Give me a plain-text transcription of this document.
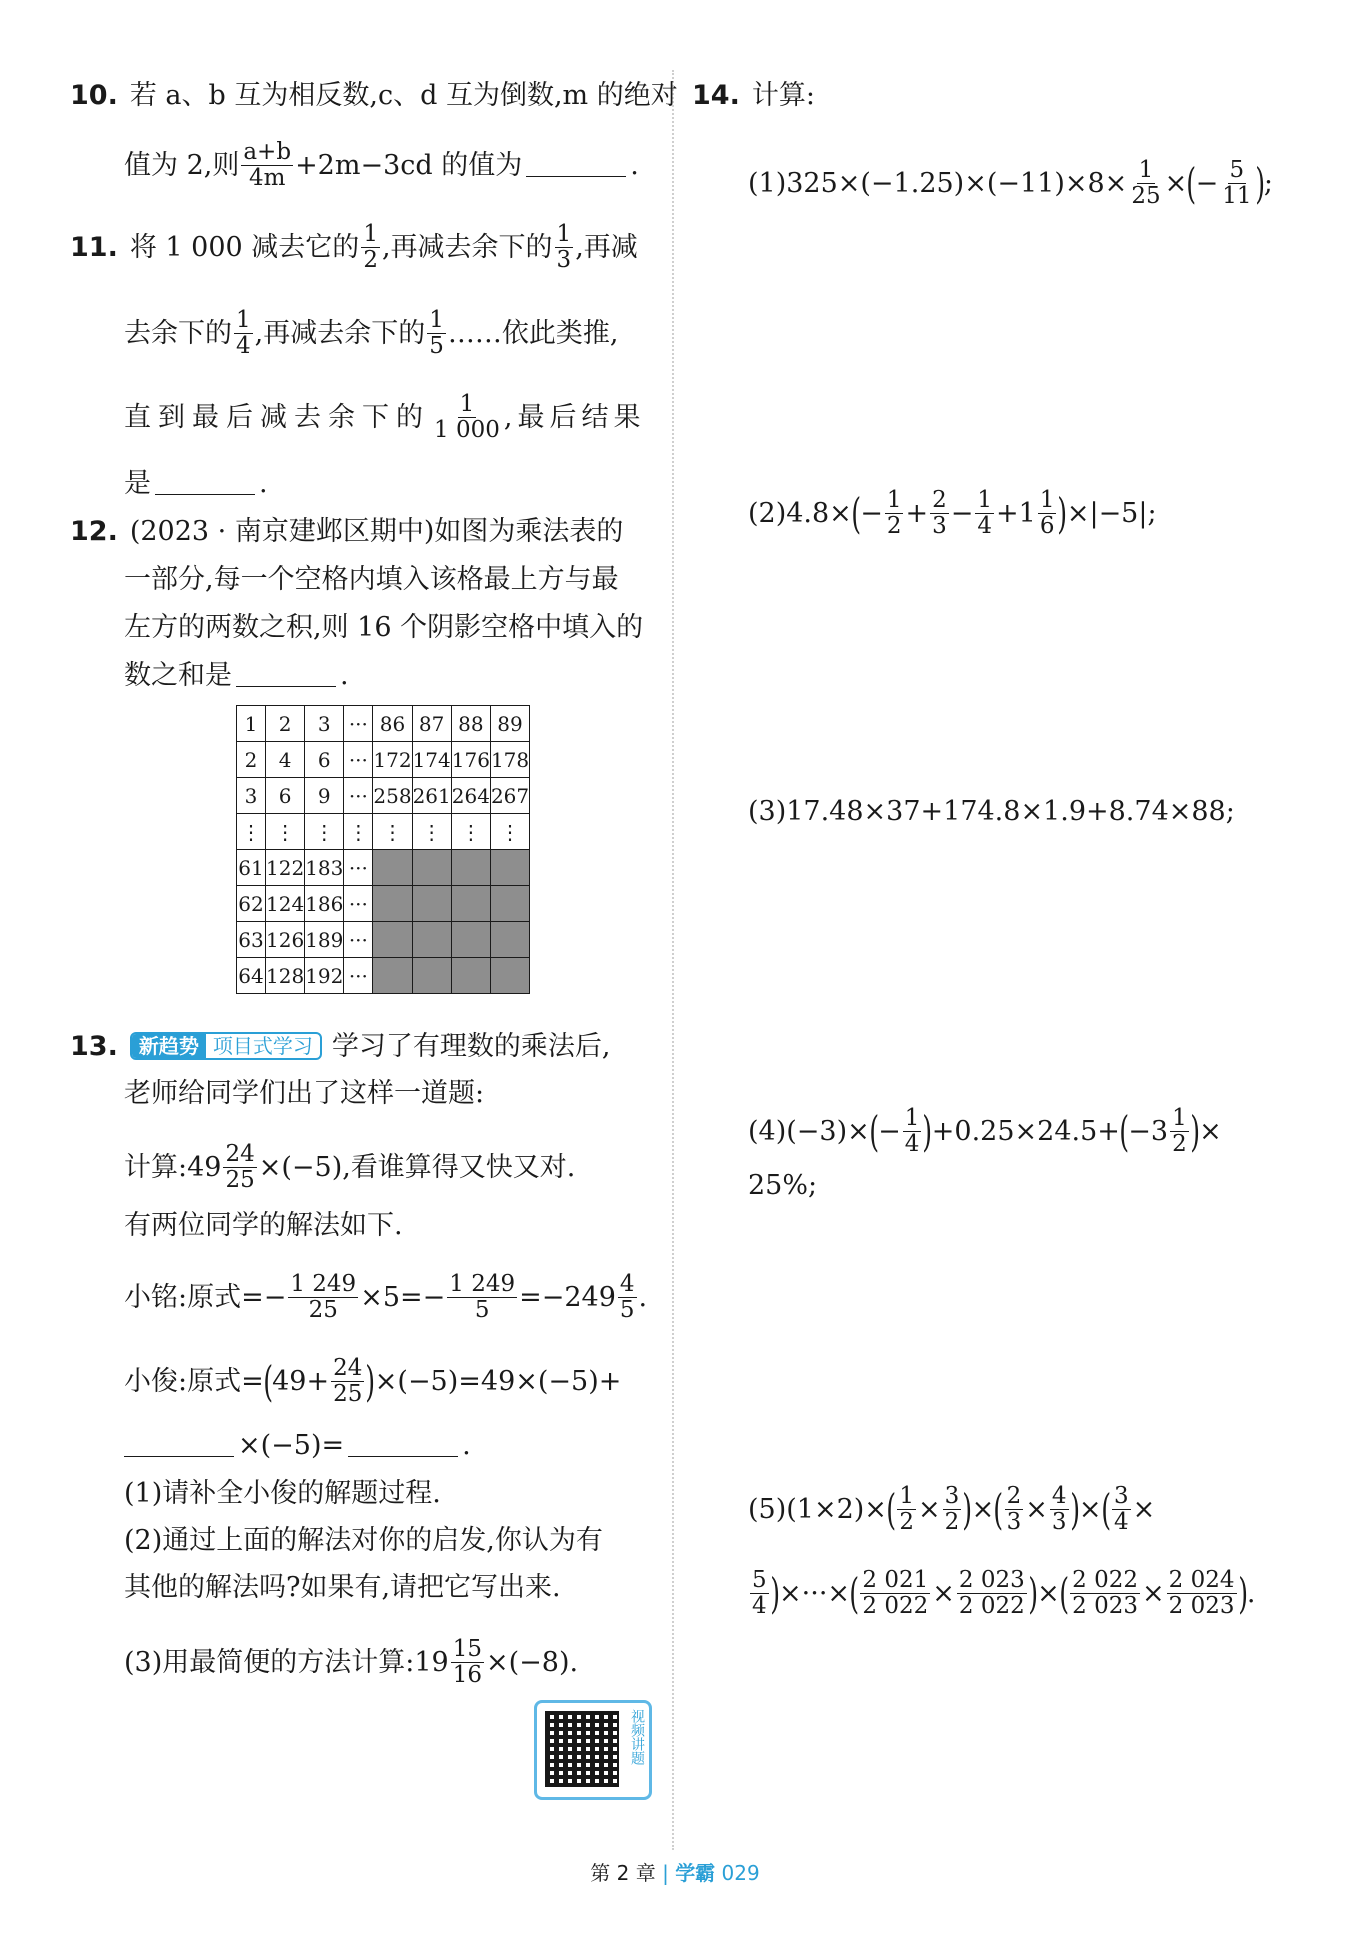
10. 若 a、b 互为相反数,c、d 互为倒数,m 的绝对
值为 2,则 $\frac{a+b}{4m} +2m-3cd$ 的值为	.
11. 将 1 000 减去它的 $\frac{1}{2}$ ,再减去余下的 $\frac{1}{3}$ ,再减
去余下的 $\frac{1}{4}$ ,再减去余下的 $\frac{1}{5}$ ……依此类推,
直到最后减去余下的 $\frac{1}{1 000}$ ,最后结果
是	.
12. (2023 · 南京建邺区期中)如图为乘法表的
一部分,每一个空格内填入该格最上方与最
左方的两数之积,则 16 个阴影空格中填入的
数之和是	.
1	2	3	···	86	87	88	89
2	4	6	···	172	174	176	178
3	6	9	···	258	261	264	267
⋮	⋮	⋮	⋮	⋮	⋮	⋮	⋮
61	122	183	···				
62	124	186	···				
63	126	189	···				
64	128	192	···				
13.	新趋势 项目式学习 学习了有理数的乘法后,
老师给同学们出了这样一道题:
计算:49 $\frac{24}{25} \times(-5)$,看谁算得又快又对.
有两位同学的解法如下.
小铭:原式=− $\frac{1 249}{25} \times 5=- \frac{1 249}{5} =-249 \frac{4}{5}$ .
小俊:原式= ( $49+ \frac{24}{25}$ ) ×(−5)=49×(−5)+
×(−5)=	.
(1)请补全小俊的解题过程.
(2)通过上面的解法对你的启发,你认为有
其他的解法吗?如果有,请把它写出来.
(3)用最简便的方法计算:19 $\frac{15}{16} \times(-8)$.
视频讲题
14. 计算:
$(1)325\times(-1.25)\times(-11)\times 8\times \frac{1}{25}$ × ( − $\frac{5}{11}$ ) ;
(2)4.8× ( − $\frac{1}{2} + \frac{2}{3} - \frac{1}{4} +1 \frac{1}{6}$ ) ×|−5|;
(3)17.48×37+174.8×1.9+8.74×88;
(4)(−3)× ( − $\frac{1}{4}$ ) +0.25×24.5+ ( $-3 \frac{1}{2}$ ) ×
25%;
(5)(1×2)× ( $\frac{1}{2} \times \frac{3}{2}$ ) × ( $\frac{2}{3} \times \frac{4}{3}$ ) × ( $\frac{3}{4}$ ×
$\frac{5}{4}$ ) ×···× ( $\frac{2 021}{2 022} \times \frac{2 023}{2 022}$ ) × ( $\frac{2 022}{2 023} \times \frac{2 024}{2 023}$ ) .
第 2 章 | 学霸 029
